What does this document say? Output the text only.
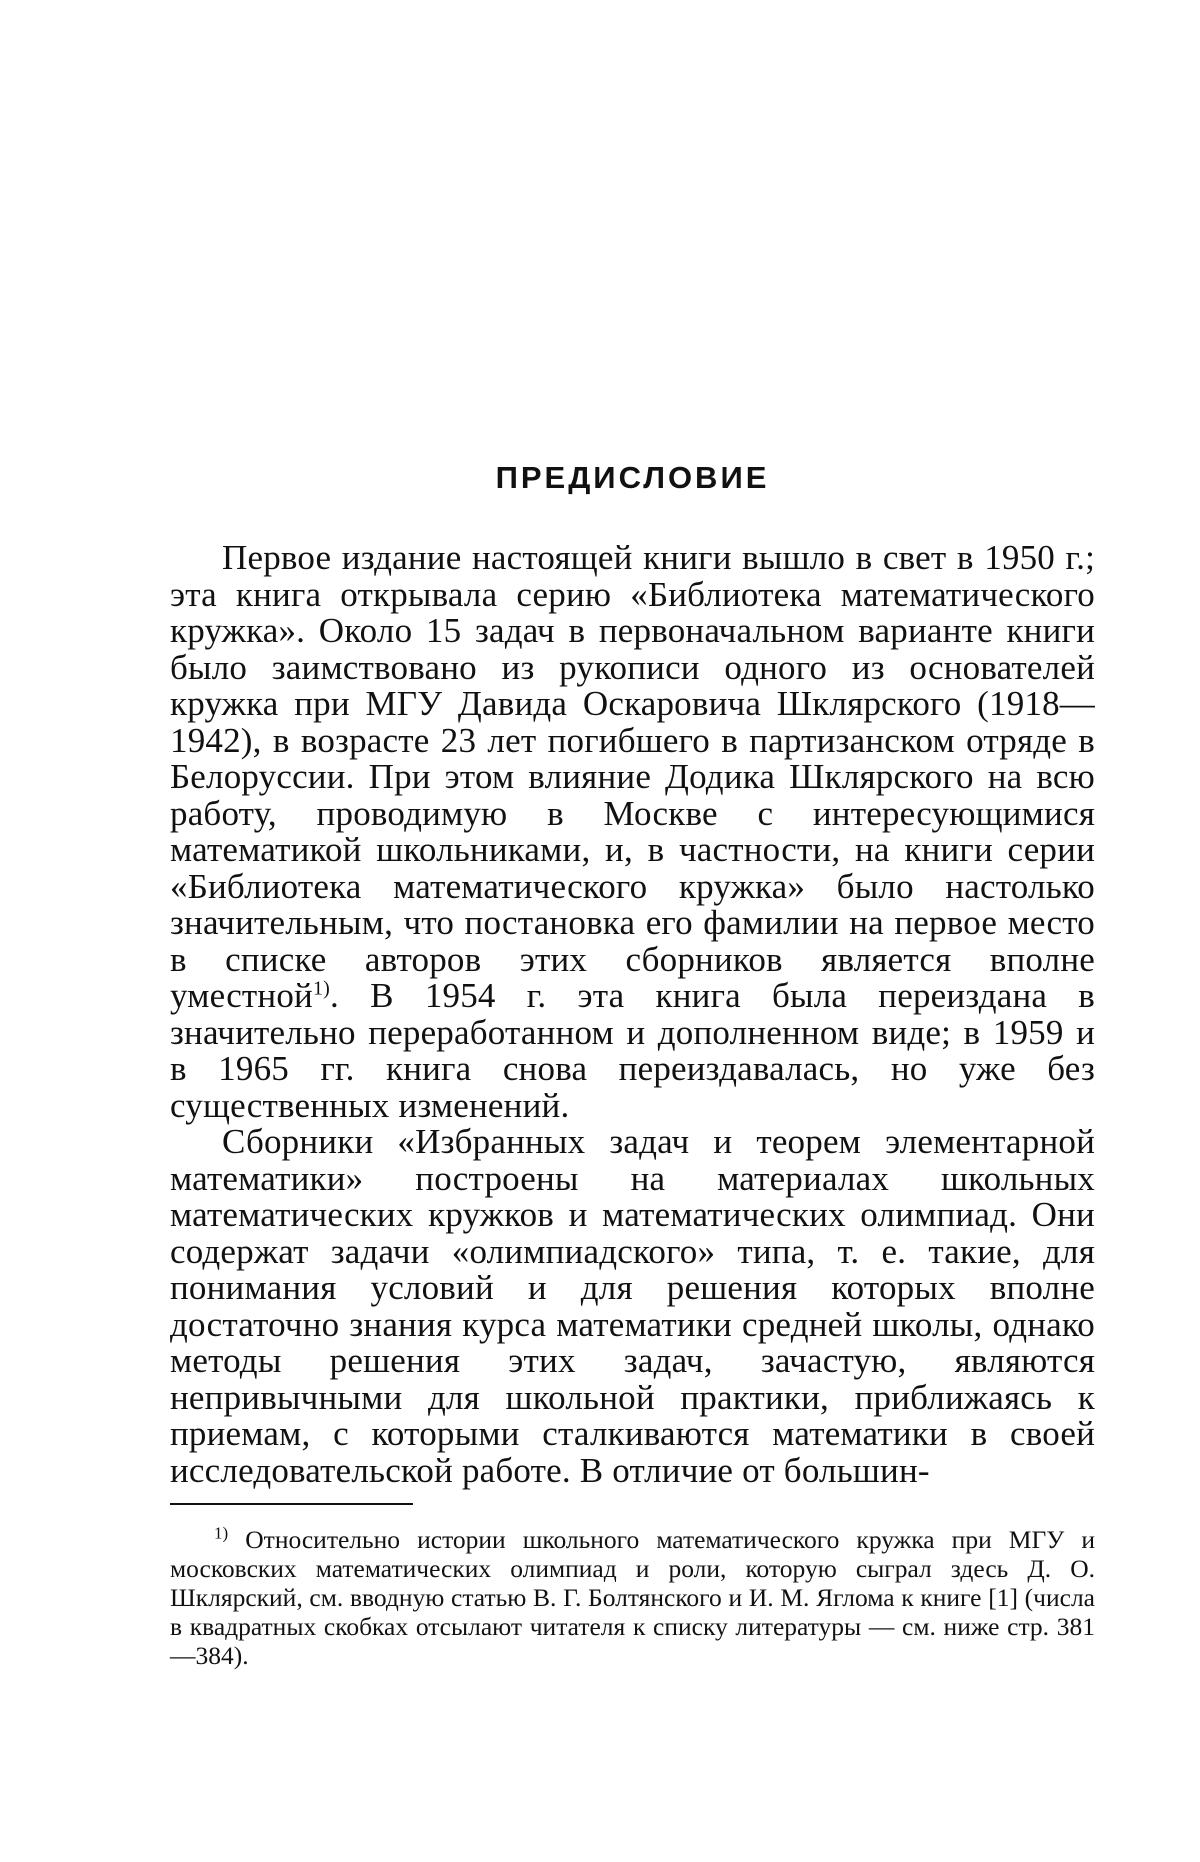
ПРЕДИСЛОВИЕ

Первое издание настоящей книги вышло в свет в 1950 г.; эта книга открывала серию «Библиотека математического кружка». Около 15 задач в первоначальном варианте книги было заимствовано из рукописи одного из основателей кружка при МГУ Давида Оскаровича Шклярского (1918—1942), в возрасте 23 лет погибшего в партизанском отряде в Белоруссии. При этом влияние Додика Шклярского на всю работу, проводимую в Москве с интересующимися математикой школьниками, и, в частности, на книги серии «Библиотека математического кружка» было настолько значительным, что постановка его фамилии на первое место в списке авторов этих сборников является вполне уместной$^{1)}$. В 1954 г. эта книга была переиздана в значительно переработанном и дополненном виде; в 1959 и в 1965 гг. книга снова переиздавалась, но уже без существенных изменений.

Сборники «Избранных задач и теорем элементарной математики» построены на материалах школьных математических кружков и математических олимпиад. Они содержат задачи «олимпиадского» типа, т. е. такие, для понимания условий и для решения которых вполне достаточно знания курса математики средней школы, однако методы решения этих задач, зачастую, являются непривычными для школьной практики, приближаясь к приемам, с которыми сталкиваются математики в своей исследовательской работе. В отличие от большин-

$^{1)}$ Относительно истории школьного математического кружка при МГУ и московских математических олимпиад и роли, которую сыграл здесь Д. О. Шклярский, см. вводную статью В. Г. Болтянского и И. М. Яглома к книге [1] (числа в квадратных скобках отсылают читателя к списку литературы — см. ниже стр. 381—384).
